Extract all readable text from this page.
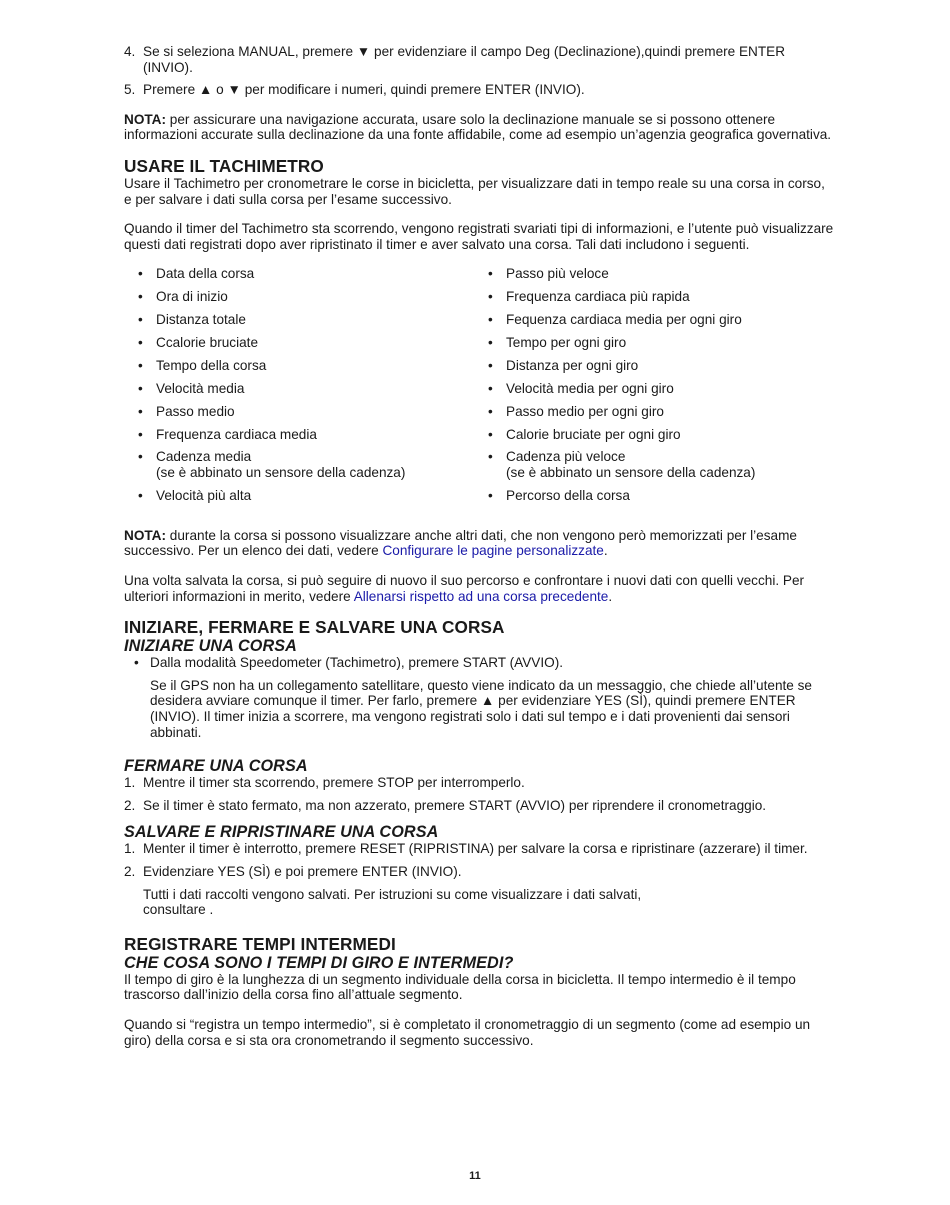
4. Se si seleziona MANUAL, premere ▼ per evidenziare il campo Deg (Declinazione),quindi premere ENTER (INVIO).
5. Premere ▲ o ▼ per modificare i numeri, quindi premere ENTER (INVIO).

NOTA: per assicurare una navigazione accurata, usare solo la declinazione manuale se si possono ottenere informazioni accurate sulla declinazione da una fonte affidabile, come ad esempio un’agenzia geografica governativa.

USARE IL TACHIMETRO

Usare il Tachimetro per cronometrare le corse in bicicletta, per visualizzare dati in tempo reale su una corsa in corso, e per salvare i dati sulla corsa per l’esame successivo.

Quando il timer del Tachimetro sta scorrendo, vengono registrati svariati tipi di informazioni, e l’utente può visualizzare questi dati registrati dopo aver ripristinato il timer e aver salvato una corsa. Tali dati includono i seguenti.

• Data della corsa
• Ora di inizio
• Distanza totale
• Ccalorie bruciate
• Tempo della corsa
• Velocità media
• Passo medio
• Frequenza cardiaca media
• Cadenza media
(se è abbinato un sensore della cadenza)
• Velocità più alta
• Passo più veloce
• Frequenza cardiaca più rapida
• Fequenza cardiaca media per ogni giro
• Tempo per ogni giro
• Distanza per ogni giro
• Velocità media per ogni giro
• Passo medio per ogni giro
• Calorie bruciate per ogni giro
• Cadenza più veloce
(se è abbinato un sensore della cadenza)
• Percorso della corsa

NOTA: durante la corsa si possono visualizzare anche altri dati, che non vengono però memorizzati per l’esame successivo. Per un elenco dei dati, vedere Configurare le pagine personalizzate.

Una volta salvata la corsa, si può seguire di nuovo il suo percorso e confrontare i nuovi dati con quelli vecchi. Per ulteriori informazioni in merito, vedere Allenarsi rispetto ad una corsa precedente.

INIZIARE, FERMARE E SALVARE UNA CORSA
INIZIARE UNA CORSA
• Dalla modalità Speedometer (Tachimetro), premere START (AVVIO).

Se il GPS non ha un collegamento satellitare, questo viene indicato da un messaggio, che chiede all’utente se desidera avviare comunque il timer. Per farlo, premere ▲ per evidenziare YES (SÌ), quindi premere ENTER (INVIO). Il timer inizia a scorrere, ma vengono registrati solo i dati sul tempo e i dati provenienti dai sensori abbinati.

FERMARE UNA CORSA
1. Mentre il timer sta scorrendo, premere STOP per interromperlo.
2. Se il timer è stato fermato, ma non azzerato, premere START (AVVIO) per riprendere il cronometraggio.
SALVARE E RIPRISTINARE UNA CORSA
1. Menter il timer è interrotto, premere RESET (RIPRISTINA) per salvare la corsa e ripristinare (azzerare) il timer.
2. Evidenziare YES (SÌ) e poi premere ENTER (INVIO).

Tutti i dati raccolti vengono salvati. Per istruzioni su come visualizzare i dati salvati, consultare .

REGISTRARE TEMPI INTERMEDI
CHE COSA SONO I TEMPI DI GIRO E INTERMEDI?

Il tempo di giro è la lunghezza di un segmento individuale della corsa in bicicletta. Il tempo intermedio è il tempo trascorso dall’inizio della corsa fino all’attuale segmento.

Quando si “registra un tempo intermedio”, si è completato il cronometraggio di un segmento (come ad esempio un giro) della corsa e si sta ora cronometrando il segmento successivo.

11
